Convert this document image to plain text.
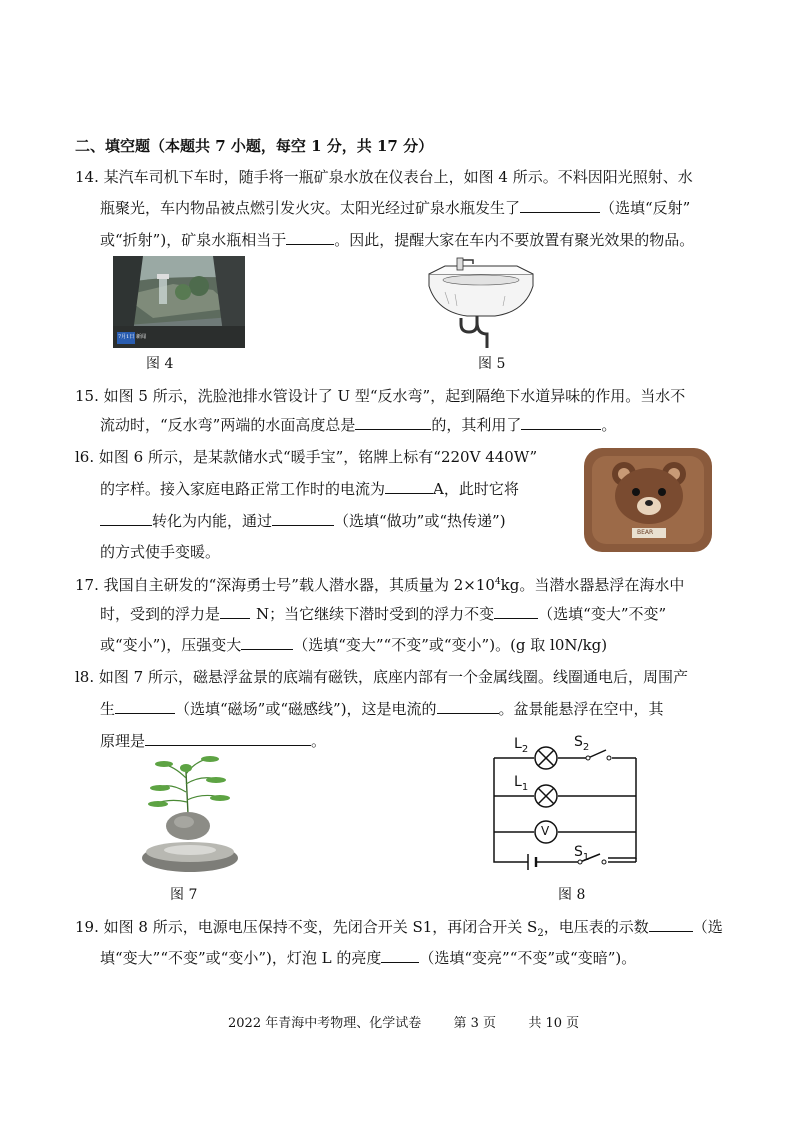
二、填空题（本题共 7 小题，每空 1 分，共 17 分）
14. 某汽车司机下车时，随手将一瓶矿泉水放在仪表台上，如图 4 所示。不料因阳光照射、水
瓶聚光，车内物品被点燃引发火灾。太阳光经过矿泉水瓶发生了	（选填“反射”
或“折射”)，矿泉水瓶相当于	。因此，提醒大家在车内不要放置有聚光效果的物品。
7月1日 新闻
图 4	图 5
15. 如图 5 所示，洗脸池排水管设计了 U 型“反水弯”，起到隔绝下水道异味的作用。当水不
流动时，“反水弯”两端的水面高度总是	的，其利用了	。
l6. 如图 6 所示，是某款储水式“暖手宝”，铭牌上标有“220V 440W”
的字样。接入家庭电路正常工作时的电流为	A，此时它将
转化为内能，通过	（选填“做功”或“热传递”)
的方式使手变暖。
BEAR
17. 我国自主研发的“深海勇士号”载人潜水器，其质量为 $2\times 10^4kg$。当潜水器悬浮在海水中
时，受到的浮力是 N；当它继续下潜时受到的浮力不变	（选填“变大”不变”
或“变小”)，压强变大	（选填“变大”“不变”或“变小”)。(g 取 l0N/kg)
l8. 如图 7 所示，磁悬浮盆景的底端有磁铁，底座内部有一个金属线圈。线圈通电后，周围产
生	（选填“磁场”或“磁感线”)，这是电流的	。盆景能悬浮在空中，其
原理是	。
图 7
$L_2$
$L_1$
$S_2$
$S_1$
V
图 8
19. 如图 8 所示，电源电压保持不变，先闭合开关 S1，再闭合开关 $S_2$，电压表的示数	（选
填“变大”“不变”或“变小”)，灯泡 L 的亮度	（选填“变亮”“不变”或“变暗”)。
2022 年青海中考物理、化学试卷 第 3 页 共 10 页
